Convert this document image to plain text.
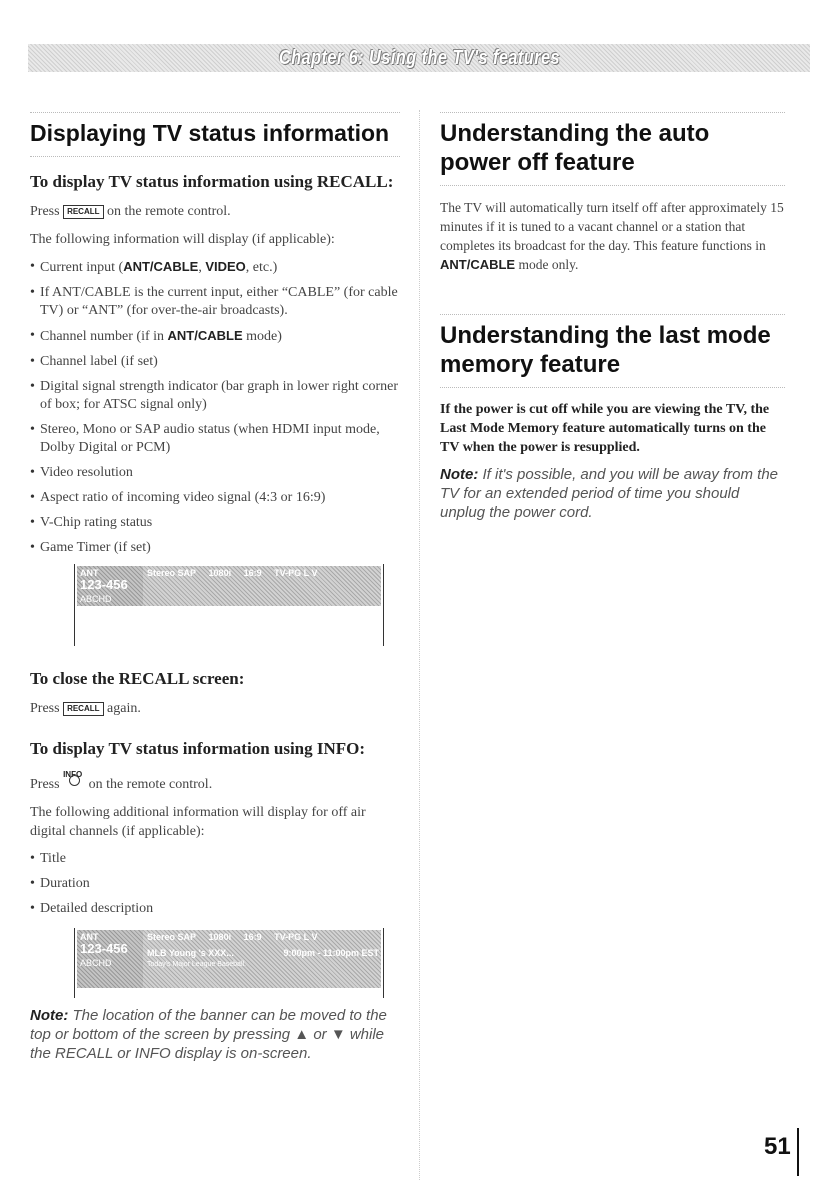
Chapter 6: Using the TV's features
Displaying TV status information
To display TV status information using RECALL:

Press RECALL on the remote control.

The following information will display (if applicable):

• Current input (ANT/CABLE, VIDEO, etc.)
• If ANT/CABLE is the current input, either “CABLE” (for cable TV) or “ANT” (for over-the-air broadcasts).
• Channel number (if in ANT/CABLE mode)
• Channel label (if set)
• Digital signal strength indicator (bar graph in lower right corner of box; for ATSC signal only)
• Stereo, Mono or SAP audio status (when HDMI input mode, Dolby Digital or PCM)
• Video resolution
• Aspect ratio of incoming video signal (4:3 or 16:9)
• V-Chip rating status
• Game Timer (if set)
ANT
123-456
ABCHD
Stereo SAP 1080i 16:9 TV-PG L V
To close the RECALL screen:

Press RECALL again.

To display TV status information using INFO:

Press
INFO
on the remote control.

The following additional information will display for off air digital channels (if applicable):

• Title
• Duration
• Detailed description
ANT
123-456
ABCHD
Stereo SAP 1080i 16:9 TV-PG L V
MLB Young 's XXX...	9:00pm - 11:00pm EST
Today's Major League Baseball.

Note: The location of the banner can be moved to the top or bottom of the screen by pressing ▲ or ▼ while the RECALL or INFO display is on-screen.

Understanding the auto power off feature

The TV will automatically turn itself off after approximately 15 minutes if it is tuned to a vacant channel or a station that completes its broadcast for the day. This feature functions in ANT/CABLE mode only.

Understanding the last mode memory feature

If the power is cut off while you are viewing the TV, the Last Mode Memory feature automatically turns on the TV when the power is resupplied.

Note: If it's possible, and you will be away from the TV for an extended period of time you should unplug the power cord.

51
